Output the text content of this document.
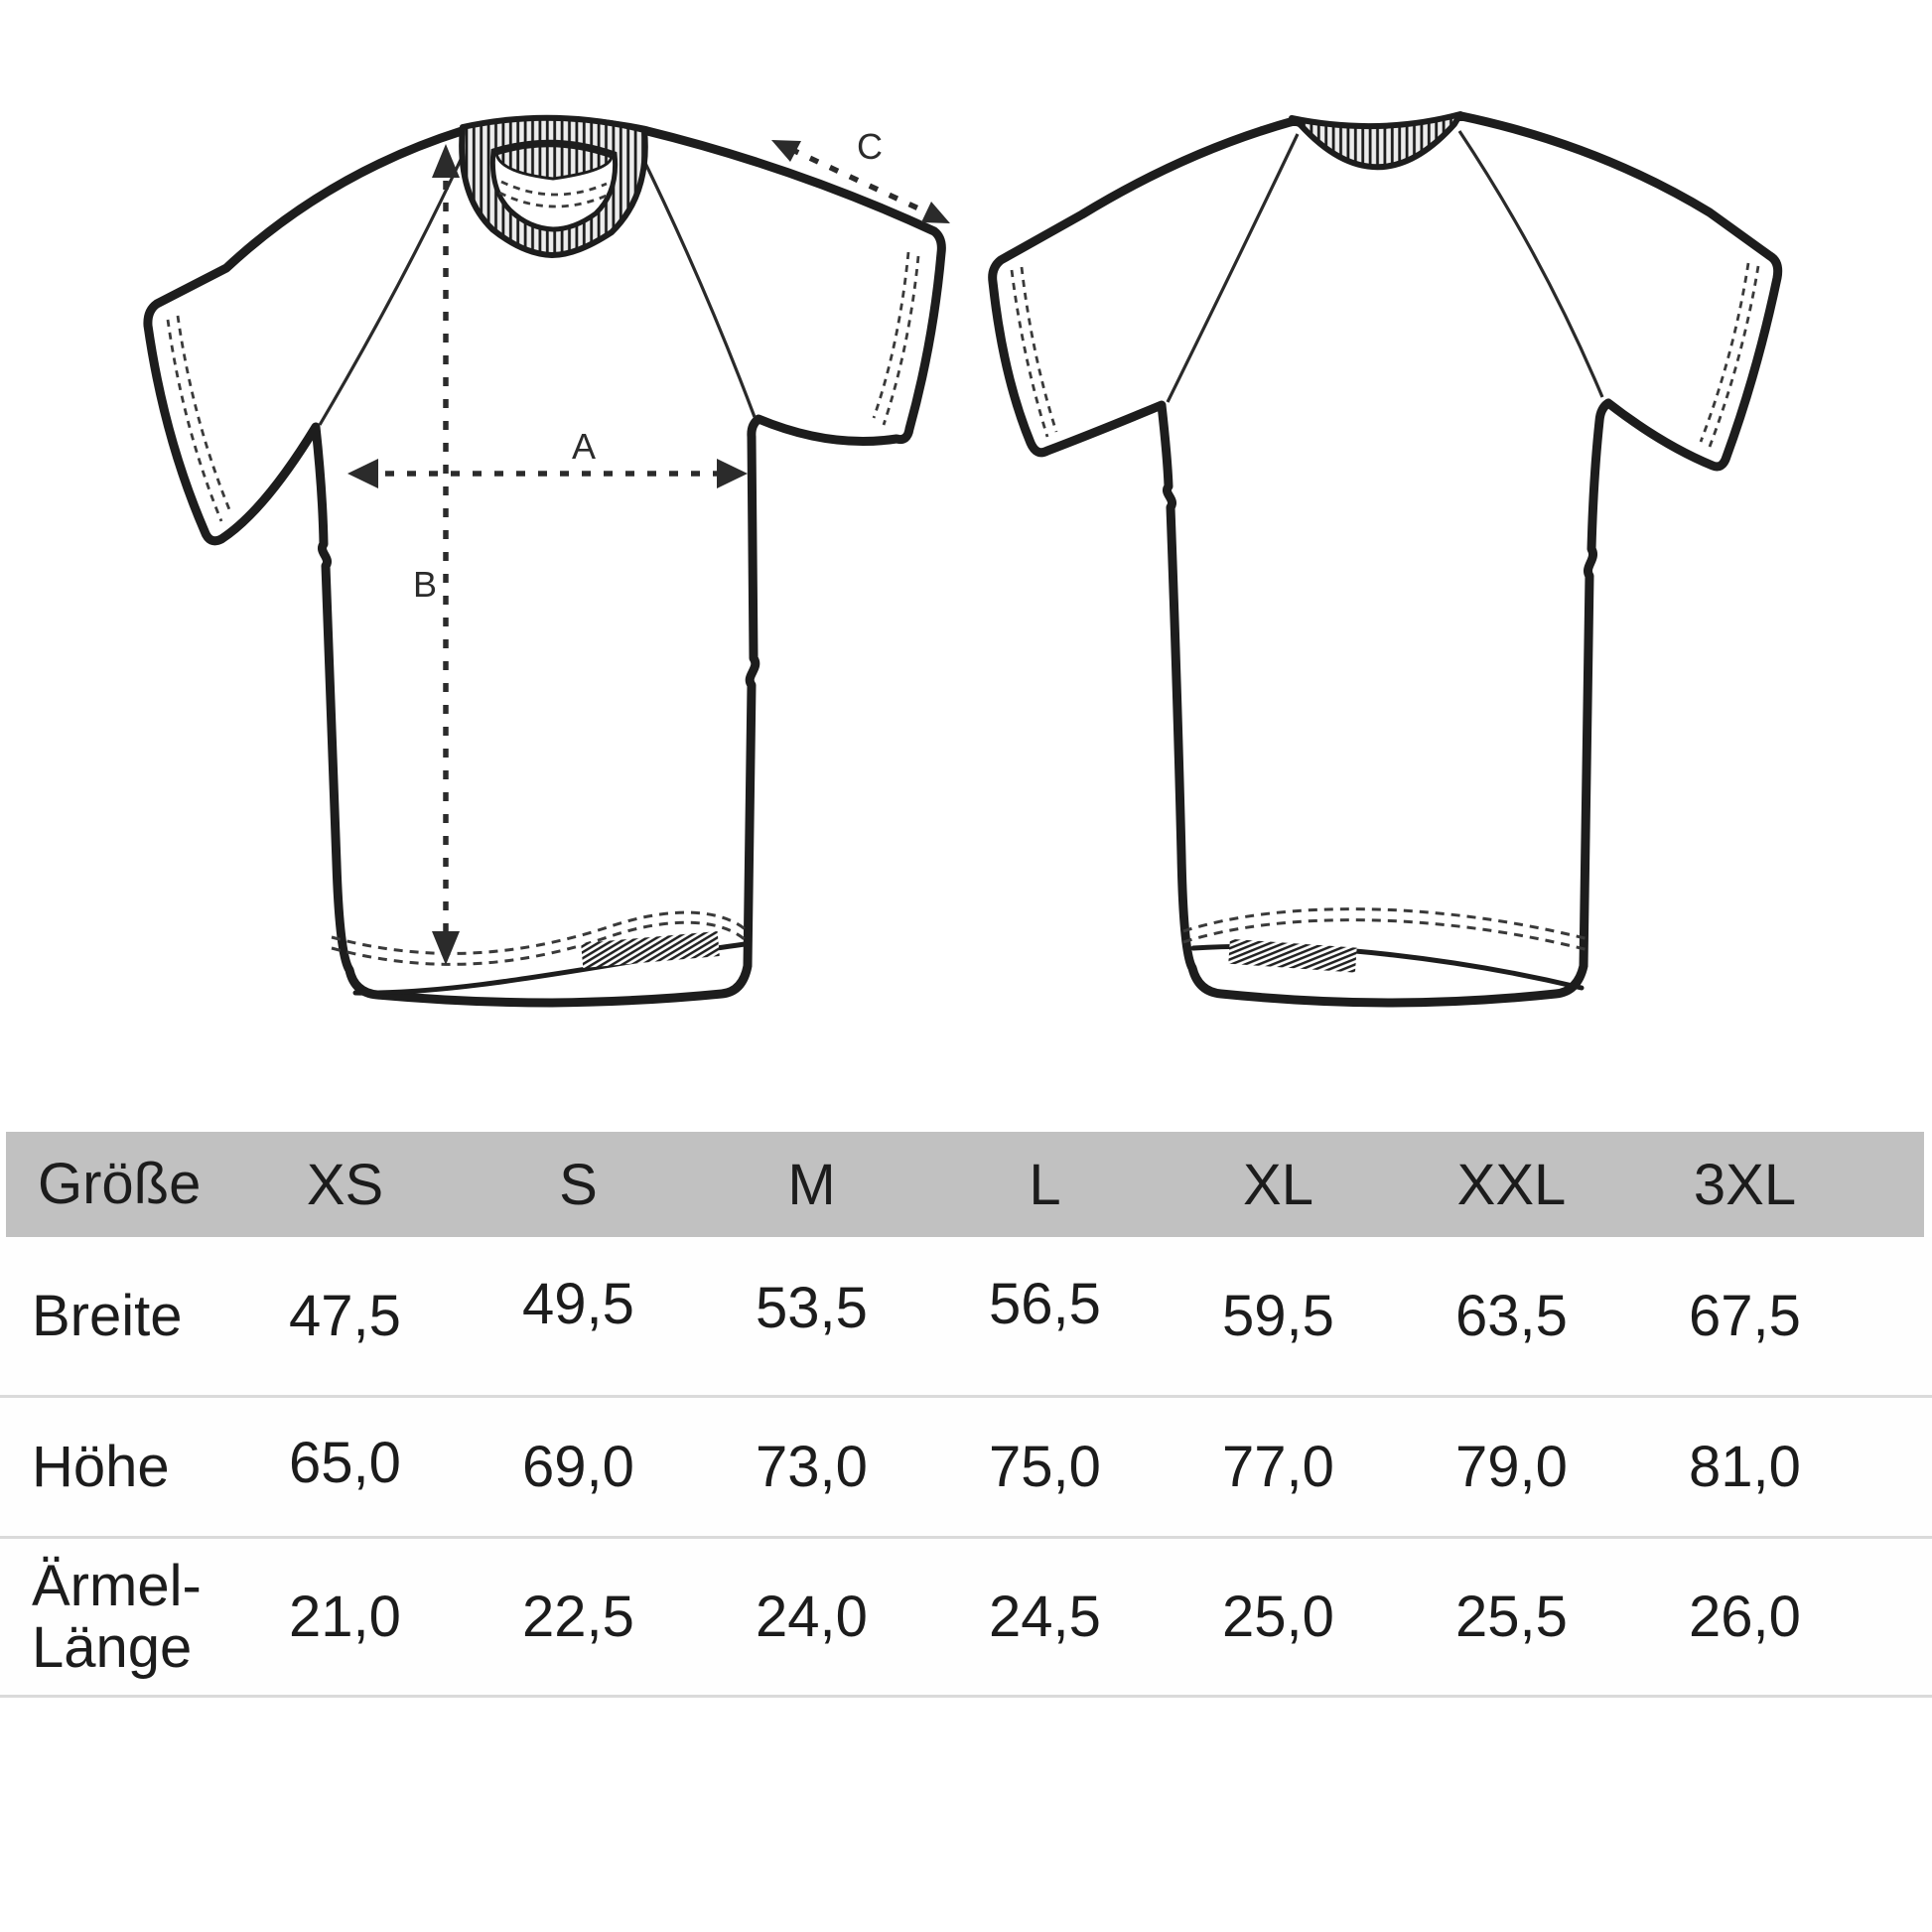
A
B
C
Größe	XS	S	M	L	XL	XXL	3XL
Breite	47,5	49,5	53,5	56,5	59,5	63,5	67,5
Höhe	65,0	69,0	73,0	75,0	77,0	79,0	81,0
Ärmel-
Länge	21,0	22,5	24,0	24,5	25,0	25,5	26,0
